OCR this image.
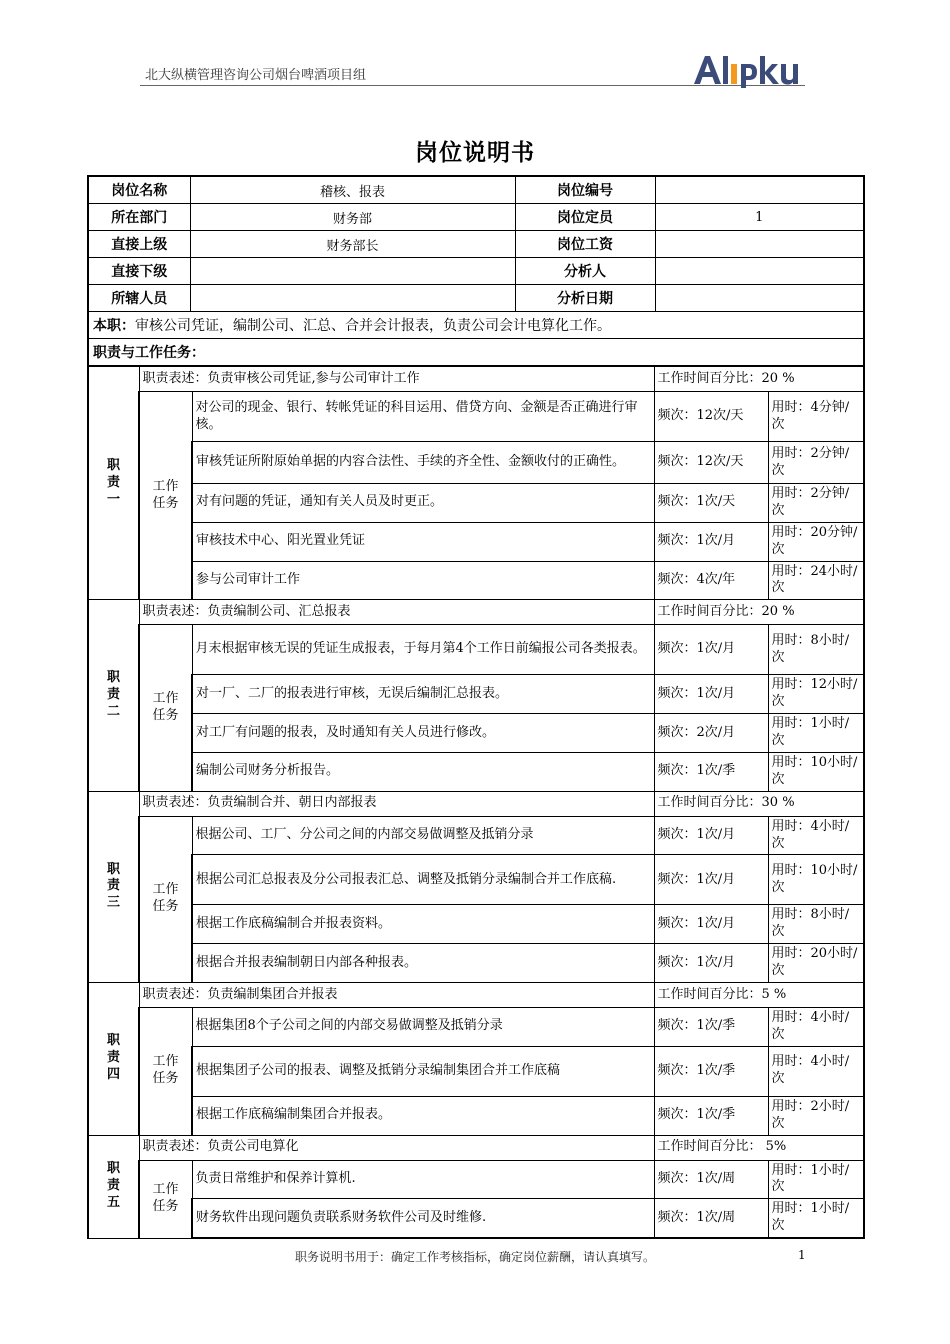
北大纵横管理咨询公司烟台啤酒项目组
岗位说明书
岗位名称	稽核、报表	岗位编号	
所在部门	财务部	岗位定员	1
直接上级	财务部长	岗位工资	
直接下级		分析人	
所辖人员		分析日期	
本职：审核公司凭证，编制公司、汇总、合并会计报表，负责公司会计电算化工作。			
职责与工作任务：			
职
责
一	职责表述：负责审核公司凭证,参与公司审计工作		工作时间百分比：20 %	
	工作
任务	对公司的现金、银行、转帐凭证的科目运用、借贷方向、金额是否正确进行审核。	频次：12次/天	用时：4分钟/次
		审核凭证所附原始单据的内容合法性、手续的齐全性、金额收付的正确性。	频次：12次/天	用时：2分钟/次
		对有问题的凭证，通知有关人员及时更正。	频次：1次/天	用时：2分钟/次
		审核技术中心、阳光置业凭证	频次：1次/月	用时：20分钟/次
		参与公司审计工作	频次：4次/年	用时：24小时/次
职
责
二	职责表述：负责编制公司、汇总报表		工作时间百分比：20 %	
	工作
任务	月末根据审核无误的凭证生成报表，于每月第4个工作日前编报公司各类报表。	频次：1次/月	用时：8小时/次
		对一厂、二厂的报表进行审核，无误后编制汇总报表。	频次：1次/月	用时：12小时/次
		对工厂有问题的报表，及时通知有关人员进行修改。	频次：2次/月	用时：1小时/次
		编制公司财务分析报告。	频次：1次/季	用时：10小时/次
职
责
三	职责表述：负责编制合并、朝日内部报表		工作时间百分比：30 %	
	工作
任务	根据公司、工厂、分公司之间的内部交易做调整及抵销分录	频次：1次/月	用时：4小时/次
		根据公司汇总报表及分公司报表汇总、调整及抵销分录编制合并工作底稿.	频次：1次/月	用时：10小时/次
		根据工作底稿编制合并报表资料。	频次：1次/月	用时：8小时/次
		根据合并报表编制朝日内部各种报表。	频次：1次/月	用时：20小时/次
职
责
四	职责表述：负责编制集团合并报表		工作时间百分比：5 %	
	工作
任务	根据集团8个子公司之间的内部交易做调整及抵销分录	频次：1次/季	用时：4小时/次
		根据集团子公司的报表、调整及抵销分录编制集团合并工作底稿	频次：1次/季	用时：4小时/次
		根据工作底稿编制集团合并报表。	频次：1次/季	用时：2小时/次
职
责
五	职责表述：负责公司电算化		工作时间百分比： 5%	
	工作
任务	负责日常维护和保养计算机.	频次：1次/周	用时：1小时/次
		财务软件出现问题负责联系财务软件公司及时维修.	频次：1次/周	用时：1小时/次
职务说明书用于：确定工作考核指标，确定岗位薪酬，请认真填写。	1
